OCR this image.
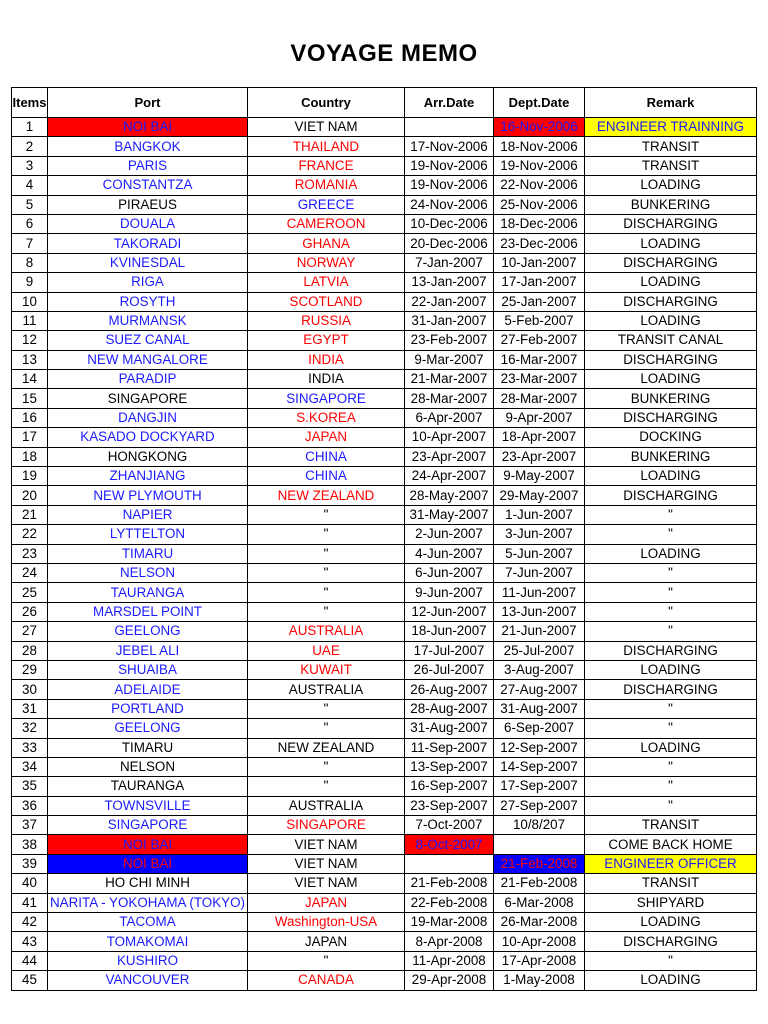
VOYAGE MEMO
Items	Port	Country	Arr.Date	Dept.Date	Remark
1	NOI BAI	VIET NAM		16-Nov-2006	ENGINEER TRAINNING
2	BANGKOK	THAILAND	17-Nov-2006	18-Nov-2006	TRANSIT
3	PARIS	FRANCE	19-Nov-2006	19-Nov-2006	TRANSIT
4	CONSTANTZA	ROMANIA	19-Nov-2006	22-Nov-2006	LOADING
5	PIRAEUS	GREECE	24-Nov-2006	25-Nov-2006	BUNKERING
6	DOUALA	CAMEROON	10-Dec-2006	18-Dec-2006	DISCHARGING
7	TAKORADI	GHANA	20-Dec-2006	23-Dec-2006	LOADING
8	KVINESDAL	NORWAY	7-Jan-2007	10-Jan-2007	DISCHARGING
9	RIGA	LATVIA	13-Jan-2007	17-Jan-2007	LOADING
10	ROSYTH	SCOTLAND	22-Jan-2007	25-Jan-2007	DISCHARGING
11	MURMANSK	RUSSIA	31-Jan-2007	5-Feb-2007	LOADING
12	SUEZ CANAL	EGYPT	23-Feb-2007	27-Feb-2007	TRANSIT CANAL
13	NEW MANGALORE	INDIA	9-Mar-2007	16-Mar-2007	DISCHARGING
14	PARADIP	INDIA	21-Mar-2007	23-Mar-2007	LOADING
15	SINGAPORE	SINGAPORE	28-Mar-2007	28-Mar-2007	BUNKERING
16	DANGJIN	S.KOREA	6-Apr-2007	9-Apr-2007	DISCHARGING
17	KASADO DOCKYARD	JAPAN	10-Apr-2007	18-Apr-2007	DOCKING
18	HONGKONG	CHINA	23-Apr-2007	23-Apr-2007	BUNKERING
19	ZHANJIANG	CHINA	24-Apr-2007	9-May-2007	LOADING
20	NEW PLYMOUTH	NEW ZEALAND	28-May-2007	29-May-2007	DISCHARGING
21	NAPIER	"	31-May-2007	1-Jun-2007	"
22	LYTTELTON	"	2-Jun-2007	3-Jun-2007	"
23	TIMARU	"	4-Jun-2007	5-Jun-2007	LOADING
24	NELSON	"	6-Jun-2007	7-Jun-2007	"
25	TAURANGA	"	9-Jun-2007	11-Jun-2007	"
26	MARSDEL POINT	"	12-Jun-2007	13-Jun-2007	"
27	GEELONG	AUSTRALIA	18-Jun-2007	21-Jun-2007	"
28	JEBEL ALI	UAE	17-Jul-2007	25-Jul-2007	DISCHARGING
29	SHUAIBA	KUWAIT	26-Jul-2007	3-Aug-2007	LOADING
30	ADELAIDE	AUSTRALIA	26-Aug-2007	27-Aug-2007	DISCHARGING
31	PORTLAND	"	28-Aug-2007	31-Aug-2007	"
32	GEELONG	"	31-Aug-2007	6-Sep-2007	"
33	TIMARU	NEW ZEALAND	11-Sep-2007	12-Sep-2007	LOADING
34	NELSON	"	13-Sep-2007	14-Sep-2007	"
35	TAURANGA	"	16-Sep-2007	17-Sep-2007	"
36	TOWNSVILLE	AUSTRALIA	23-Sep-2007	27-Sep-2007	"
37	SINGAPORE	SINGAPORE	7-Oct-2007	10/8/207	TRANSIT
38	NOI BAI	VIET NAM	8-Oct-2007		COME BACK HOME
39	NOI BAI	VIET NAM		21-Feb-2008	ENGINEER OFFICER
40	HO CHI MINH	VIET NAM	21-Feb-2008	21-Feb-2008	TRANSIT
41	NARITA - YOKOHAMA (TOKYO)	JAPAN	22-Feb-2008	6-Mar-2008	SHIPYARD
42	TACOMA	Washington-USA	19-Mar-2008	26-Mar-2008	LOADING
43	TOMAKOMAI	JAPAN	8-Apr-2008	10-Apr-2008	DISCHARGING
44	KUSHIRO	"	11-Apr-2008	17-Apr-2008	"
45	VANCOUVER	CANADA	29-Apr-2008	1-May-2008	LOADING
